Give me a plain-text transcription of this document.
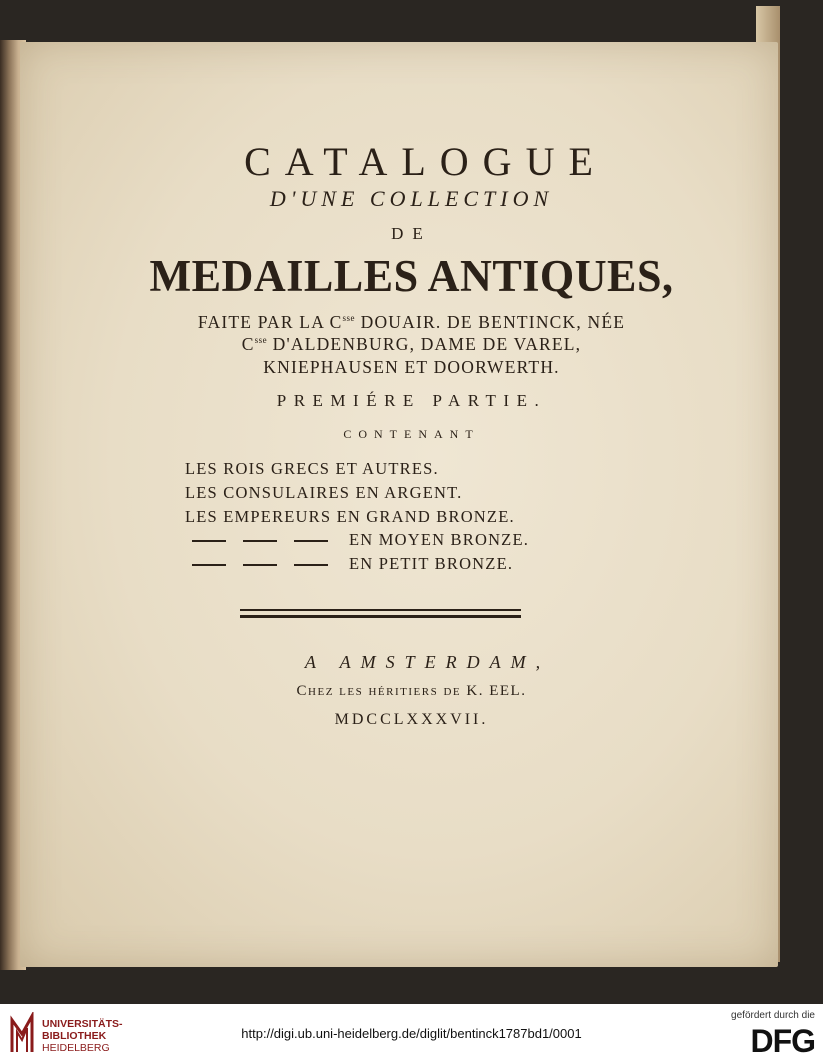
CATALOGUE
D'UNE COLLECTION
DE
MEDAILLES ANTIQUES,
FAITE PAR LA $C^{sse}$ DOUAIR. DE BENTINCK, NÉE
$C^{sse}$ D'ALDENBURG, DAME DE VAREL,
KNIEPHAUSEN ET DOORWERTH.
PREMIÉRE PARTIE.
CONTENANT
LES ROIS GRECS ET AUTRES.
LES CONSULAIRES EN ARGENT.
LES EMPEREURS EN GRAND BRONZE.
EN MOYEN BRONZE.
EN PETIT BRONZE.
A AMSTERDAM,
Chez les héritiers de K. EEL.
MDCCLXXXVII.
UNIVERSITÄTS-
BIBLIOTHEK
HEIDELBERG
http://digi.ub.uni-heidelberg.de/diglit/bentinck1787bd1/0001
gefördert durch die
DFG
